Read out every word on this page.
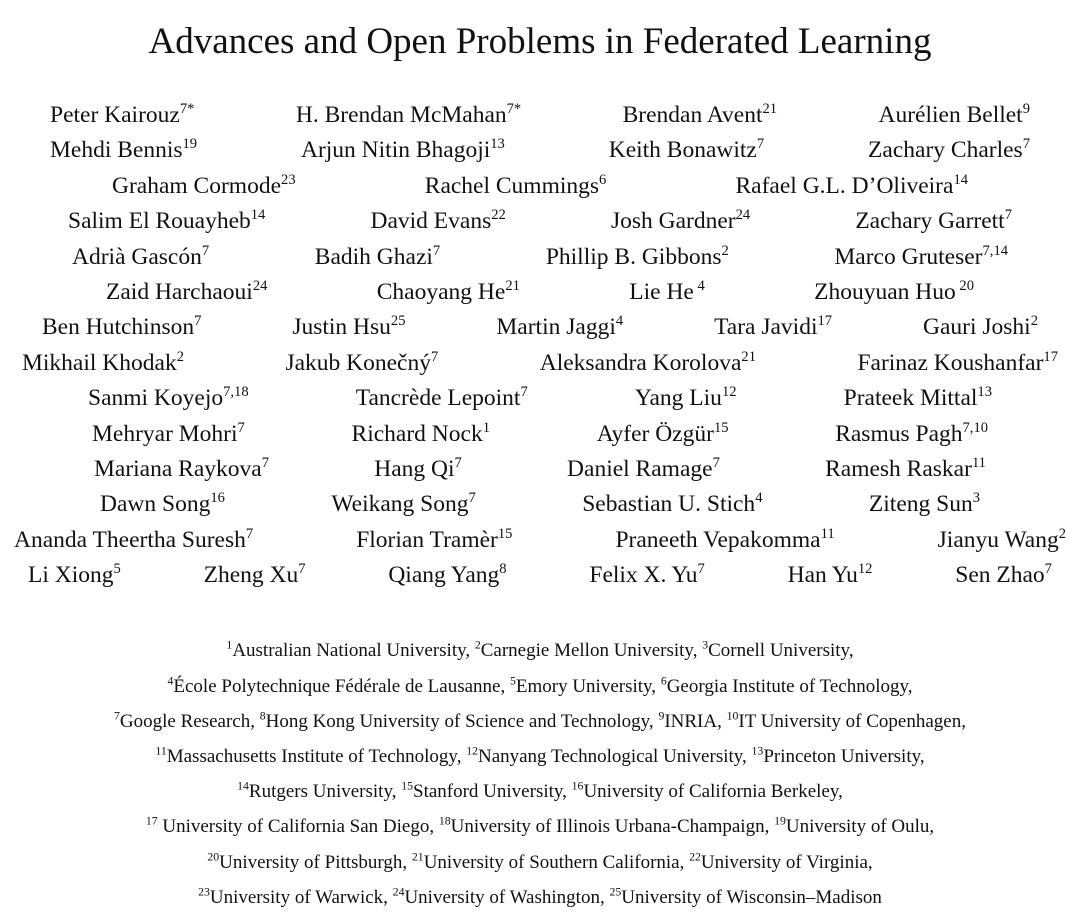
Advances and Open Problems in Federated Learning
Peter Kairouz$^{7*}$	H. Brendan McMahan$^{7*}$	Brendan Avent$^{21}$	Aurélien Bellet$^9$
Mehdi Bennis$^{19}$	Arjun Nitin Bhagoji$^{13}$	Keith Bonawitz$^7$	Zachary Charles$^7$
Graham Cormode$^{23}$	Rachel Cummings$^6$	Rafael G.L. D’Oliveira$^{14}$
Salim El Rouayheb$^{14}$	David Evans$^{22}$	Josh Gardner$^{24}$	Zachary Garrett$^7$
Adrià Gascón$^7$	Badih Ghazi$^7$	Phillip B. Gibbons$^2$	Marco Gruteser$^{7,14}$
Zaid Harchaoui$^{24}$	Chaoyang He$^{21}$	Lie He $^4$	Zhouyuan Huo $^{20}$
Ben Hutchinson$^7$	Justin Hsu$^{25}$	Martin Jaggi$^4$	Tara Javidi$^{17}$	Gauri Joshi$^2$
Mikhail Khodak$^2$	Jakub Konečný$^7$	Aleksandra Korolova$^{21}$	Farinaz Koushanfar$^{17}$
Sanmi Koyejo$^{7,18}$	Tancrède Lepoint$^7$	Yang Liu$^{12}$	Prateek Mittal$^{13}$
Mehryar Mohri$^7$	Richard Nock$^1$	Ayfer Özgür$^{15}$	Rasmus Pagh$^{7,10}$
Mariana Raykova$^7$	Hang Qi$^7$	Daniel Ramage$^7$	Ramesh Raskar$^{11}$
Dawn Song$^{16}$	Weikang Song$^7$	Sebastian U. Stich$^4$	Ziteng Sun$^3$
Ananda Theertha Suresh$^7$	Florian Tramèr$^{15}$	Praneeth Vepakomma$^{11}$	Jianyu Wang$^2$
Li Xiong$^5$	Zheng Xu$^7$	Qiang Yang$^8$	Felix X. Yu$^7$	Han Yu$^{12}$	Sen Zhao$^7$
$^1$Australian National University, $^2$Carnegie Mellon University, $^3$Cornell University,
$^4$École Polytechnique Fédérale de Lausanne, $^5$Emory University, $^6$Georgia Institute of Technology,
$^7$Google Research, $^8$Hong Kong University of Science and Technology, $^9$INRIA, $^{10}$IT University of Copenhagen,
$^{11}$Massachusetts Institute of Technology, $^{12}$Nanyang Technological University, $^{13}$Princeton University,
$^{14}$Rutgers University, $^{15}$Stanford University, $^{16}$University of California Berkeley,
$^{17}$ University of California San Diego, $^{18}$University of Illinois Urbana-Champaign, $^{19}$University of Oulu,
$^{20}$University of Pittsburgh, $^{21}$University of Southern California, $^{22}$University of Virginia,
$^{23}$University of Warwick, $^{24}$University of Washington, $^{25}$University of Wisconsin–Madison
